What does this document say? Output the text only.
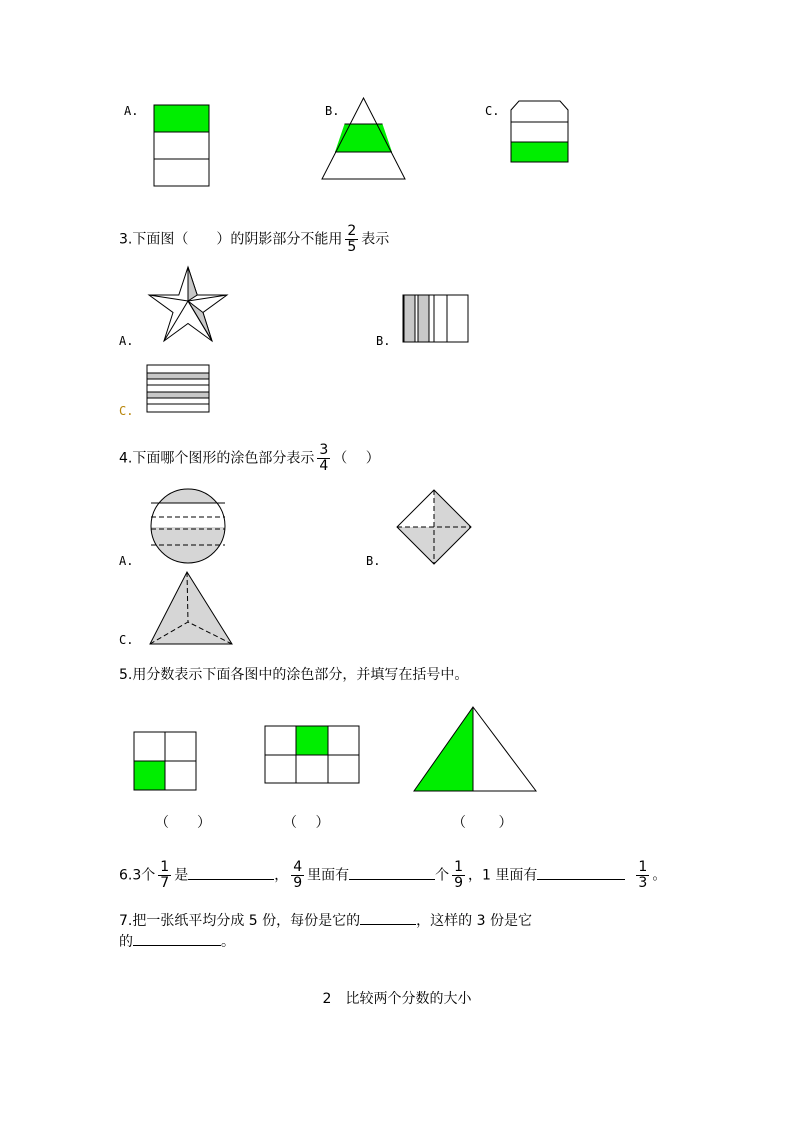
A.	B.	C.
3.下面图（　　）的阴影部分不能用 $\frac{2}{5}$ 表示
A.	B.
C.
4.下面哪个图形的涂色部分表示 $\frac{3}{4}$ （　 ）
A.	B.
C.
5.用分数表示下面各图中的涂色部分，并填写在括号中。
（　　）	（　 ）	（　　 ）
6.3个 $\frac{1}{7}$ 是	， $\frac{4}{9}$ 里面有	个 $\frac{1}{9}$ ，1 里面有	$\frac{1}{3}$ 。
7.把一张纸平均分成 5 份，每份是它的	，这样的 3 份是它
的	。
2　比较两个分数的大小
